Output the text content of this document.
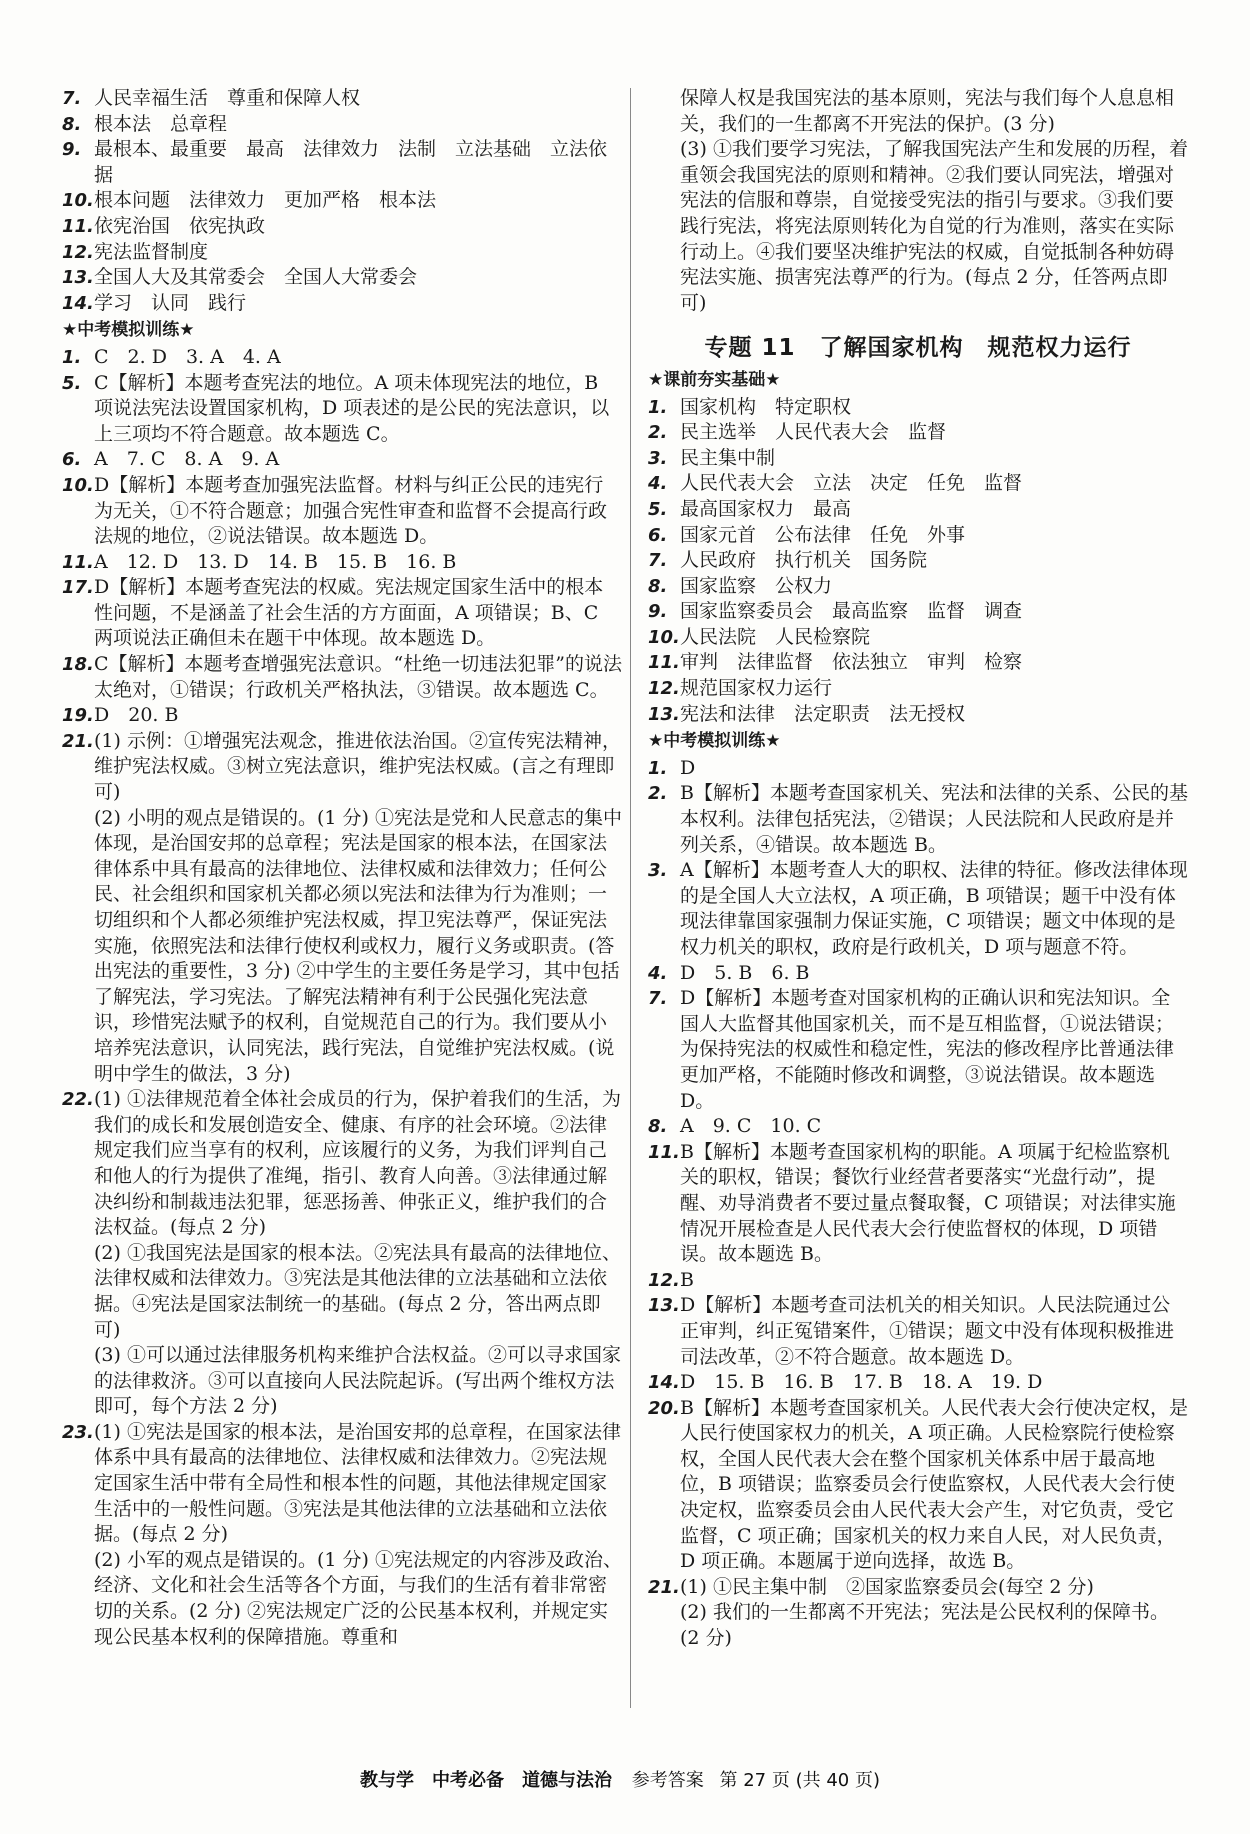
7. 人民幸福生活　尊重和保障人权
8. 根本法　总章程
9. 最根本、最重要　最高　法律效力　法制　立法基础　立法依据
10. 根本问题　法律效力　更加严格　根本法
11. 依宪治国　依宪执政
12. 宪法监督制度
13. 全国人大及其常委会　全国人大常委会
14. 学习　认同　践行
★中考模拟训练★
1. C　2. D　3. A　4. A
5. C【解析】本题考查宪法的地位。A 项未体现宪法的地位，B 项说法宪法设置国家机构，D 项表述的是公民的宪法意识，以上三项均不符合题意。故本题选 C。
6. A　7. C　8. A　9. A
10. D【解析】本题考查加强宪法监督。材料与纠正公民的违宪行为无关，①不符合题意；加强合宪性审查和监督不会提高行政法规的地位，②说法错误。故本题选 D。
11. A　12. D　13. D　14. B　15. B　16. B
17. D【解析】本题考查宪法的权威。宪法规定国家生活中的根本性问题，不是涵盖了社会生活的方方面面，A 项错误；B、C 两项说法正确但未在题干中体现。故本题选 D。
18. C【解析】本题考查增强宪法意识。“杜绝一切违法犯罪”的说法太绝对，①错误；行政机关严格执法，③错误。故本题选 C。
19. D　20. B
21. (1) 示例：①增强宪法观念，推进依法治国。②宣传宪法精神，维护宪法权威。③树立宪法意识，维护宪法权威。(言之有理即可)
(2) 小明的观点是错误的。(1 分) ①宪法是党和人民意志的集中体现，是治国安邦的总章程；宪法是国家的根本法，在国家法律体系中具有最高的法律地位、法律权威和法律效力；任何公民、社会组织和国家机关都必须以宪法和法律为行为准则；一切组织和个人都必须维护宪法权威，捍卫宪法尊严，保证宪法实施，依照宪法和法律行使权利或权力，履行义务或职责。(答出宪法的重要性，3 分) ②中学生的主要任务是学习，其中包括了解宪法，学习宪法。了解宪法精神有利于公民强化宪法意识，珍惜宪法赋予的权利，自觉规范自己的行为。我们要从小培养宪法意识，认同宪法，践行宪法，自觉维护宪法权威。(说明中学生的做法，3 分)
22. (1) ①法律规范着全体社会成员的行为，保护着我们的生活，为我们的成长和发展创造安全、健康、有序的社会环境。②法律规定我们应当享有的权利，应该履行的义务，为我们评判自己和他人的行为提供了准绳，指引、教育人向善。③法律通过解决纠纷和制裁违法犯罪，惩恶扬善、伸张正义，维护我们的合法权益。(每点 2 分)
(2) ①我国宪法是国家的根本法。②宪法具有最高的法律地位、法律权威和法律效力。③宪法是其他法律的立法基础和立法依据。④宪法是国家法制统一的基础。(每点 2 分，答出两点即可)
(3) ①可以通过法律服务机构来维护合法权益。②可以寻求国家的法律救济。③可以直接向人民法院起诉。(写出两个维权方法即可，每个方法 2 分)
23. (1) ①宪法是国家的根本法，是治国安邦的总章程，在国家法律体系中具有最高的法律地位、法律权威和法律效力。②宪法规定国家生活中带有全局性和根本性的问题，其他法律规定国家生活中的一般性问题。③宪法是其他法律的立法基础和立法依据。(每点 2 分)
(2) 小军的观点是错误的。(1 分) ①宪法规定的内容涉及政治、经济、文化和社会生活等各个方面，与我们的生活有着非常密切的关系。(2 分) ②宪法规定广泛的公民基本权利，并规定实现公民基本权利的保障措施。尊重和
保障人权是我国宪法的基本原则，宪法与我们每个人息息相关，我们的一生都离不开宪法的保护。(3 分)
(3) ①我们要学习宪法，了解我国宪法产生和发展的历程，着重领会我国宪法的原则和精神。②我们要认同宪法，增强对宪法的信服和尊崇，自觉接受宪法的指引与要求。③我们要践行宪法，将宪法原则转化为自觉的行为准则，落实在实际行动上。④我们要坚决维护宪法的权威，自觉抵制各种妨碍宪法实施、损害宪法尊严的行为。(每点 2 分，任答两点即可)
专题 11　了解国家机构　规范权力运行
★课前夯实基础★
1. 国家机构　特定职权
2. 民主选举　人民代表大会　监督
3. 民主集中制
4. 人民代表大会　立法　决定　任免　监督
5. 最高国家权力　最高
6. 国家元首　公布法律　任免　外事
7. 人民政府　执行机关　国务院
8. 国家监察　公权力
9. 国家监察委员会　最高监察　监督　调查
10. 人民法院　人民检察院
11. 审判　法律监督　依法独立　审判　检察
12. 规范国家权力运行
13. 宪法和法律　法定职责　法无授权
★中考模拟训练★
1. D
2. B【解析】本题考查国家机关、宪法和法律的关系、公民的基本权利。法律包括宪法，②错误；人民法院和人民政府是并列关系，④错误。故本题选 B。
3. A【解析】本题考查人大的职权、法律的特征。修改法律体现的是全国人大立法权，A 项正确，B 项错误；题干中没有体现法律靠国家强制力保证实施，C 项错误；题文中体现的是权力机关的职权，政府是行政机关，D 项与题意不符。
4. D　5. B　6. B
7. D【解析】本题考查对国家机构的正确认识和宪法知识。全国人大监督其他国家机关，而不是互相监督，①说法错误；为保持宪法的权威性和稳定性，宪法的修改程序比普通法律更加严格，不能随时修改和调整，③说法错误。故本题选 D。
8. A　9. C　10. C
11. B【解析】本题考查国家机构的职能。A 项属于纪检监察机关的职权，错误；餐饮行业经营者要落实“光盘行动”，提醒、劝导消费者不要过量点餐取餐，C 项错误；对法律实施情况开展检查是人民代表大会行使监督权的体现，D 项错误。故本题选 B。
12. B
13. D【解析】本题考查司法机关的相关知识。人民法院通过公正审判，纠正冤错案件，①错误；题文中没有体现积极推进司法改革，②不符合题意。故本题选 D。
14. D　15. B　16. B　17. B　18. A　19. D
20. B【解析】本题考查国家机关。人民代表大会行使决定权，是人民行使国家权力的机关，A 项正确。人民检察院行使检察权，全国人民代表大会在整个国家机关体系中居于最高地位，B 项错误；监察委员会行使监察权，人民代表大会行使决定权，监察委员会由人民代表大会产生，对它负责，受它监督，C 项正确；国家机关的权力来自人民，对人民负责，D 项正确。本题属于逆向选择，故选 B。
21. (1) ①民主集中制　②国家监察委员会(每空 2 分)
(2) 我们的一生都离不开宪法；宪法是公民权利的保障书。(2 分)
教与学　中考必备　道德与法治 参考答案 第 27 页 (共 40 页)
